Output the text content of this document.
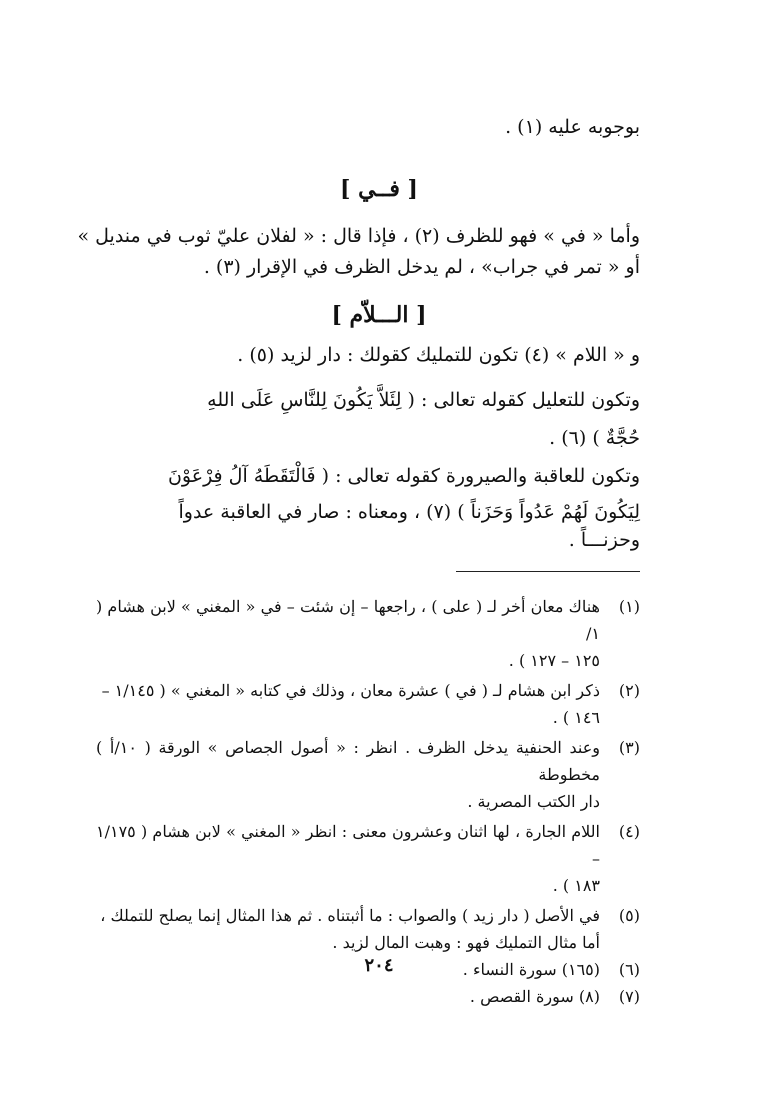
بوجوبه عليه (١) .
[ فــي ]
وأما « في » فهو للظرف (٢) ، فإذا قال : « لفلان عليّ ثوب في منديل »
أو « تمر في جراب» ، لم يدخل الظرف في الإقرار (٣) .
[ الـــلاّم ]
و « اللام » (٤) تكون للتمليك كقولك : دار لزيد (٥) .
وتكون للتعليل كقوله تعالى : ( لِئَلاَّ يَكُونَ لِلنَّاسِ عَلَى اللهِ
حُجَّةٌ ) (٦) .
وتكون للعاقبة والصيرورة كقوله تعالى : ( فَالْتَقَطَهُ آلُ فِرْعَوْنَ
لِيَكُونَ لَهُمْ عَدُواً وَحَزَناً ) (٧) ، ومعناه : صار في العاقبة عدواً
وحزنـــاً .
(١)
هناك معان أخر لـ ( على ) ، راجعها – إن شئت – في « المغني » لابن هشام ( ١/
١٢٥ – ١٢٧ ) .
(٢)
ذكر ابن هشام لـ ( في ) عشرة معان ، وذلك في كتابه « المغني » ( ١/١٤٥ –
١٤٦ ) .
(٣)
وعند الحنفية يدخل الظرف . انظر : « أصول الجصاص » الورقة ( ١٠/أ ) مخطوطة
دار الكتب المصرية .
(٤)
اللام الجارة ، لها اثنان وعشرون معنى : انظر « المغني » لابن هشام ( ١/١٧٥ –
١٨٣ ) .
(٥)
في الأصل ( دار زيد ) والصواب : ما أثبتناه . ثم هذا المثال إنما يصلح للتملك ،
أما مثال التمليك فهو : وهبت المال لزيد .
(٦)
(١٦٥) سورة النساء .
(٧)
(٨) سورة القصص .
٢٠٤
